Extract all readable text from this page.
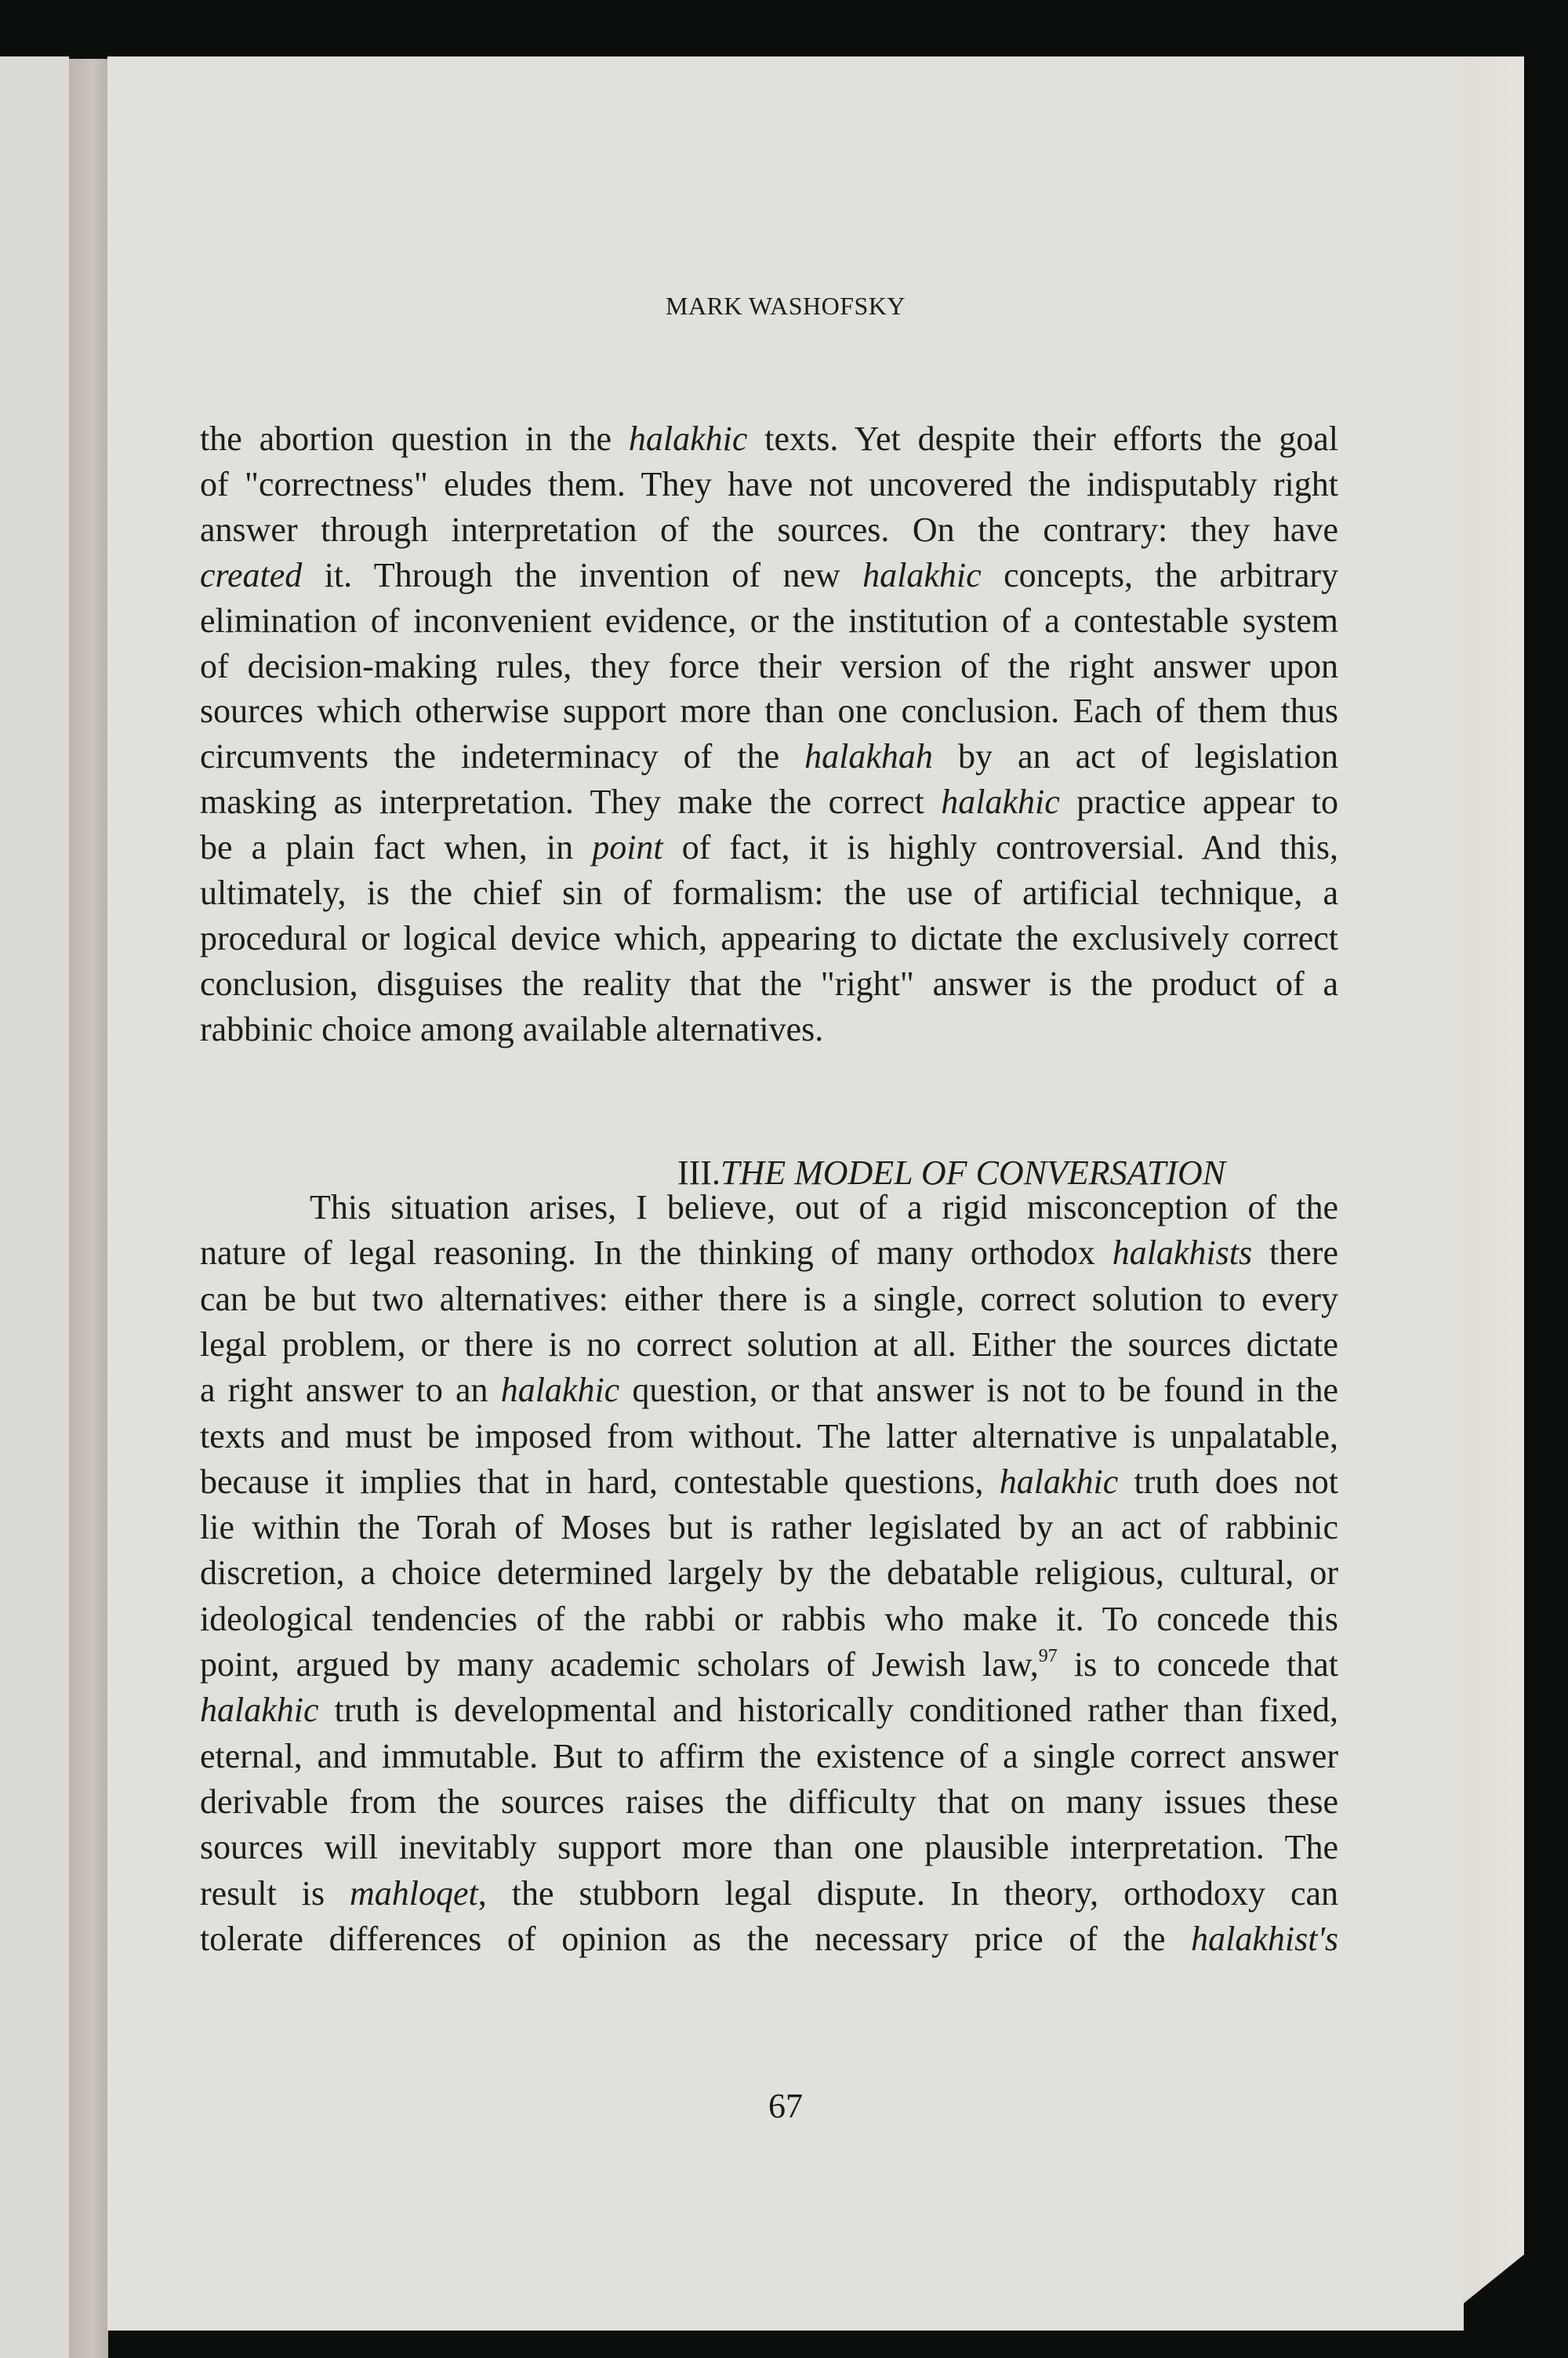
MARK WASHOFSKY
the abortion question in the halakhic texts. Yet despite their efforts the goal
of "correctness" eludes them. They have not uncovered the indisputably right
answer through interpretation of the sources. On the contrary: they have
created it. Through the invention of new halakhic concepts, the arbitrary
elimination of inconvenient evidence, or the institution of a contestable system
of decision-making rules, they force their version of the right answer upon
sources which otherwise support more than one conclusion. Each of them thus
circumvents the indeterminacy of the halakhah by an act of legislation
masking as interpretation. They make the correct halakhic practice appear to
be a plain fact when, in point of fact, it is highly controversial. And this,
ultimately, is the chief sin of formalism: the use of artificial technique, a
procedural or logical device which, appearing to dictate the exclusively correct
conclusion, disguises the reality that the "right" answer is the product of a
rabbinic choice among available alternatives.
III.THE MODEL OF CONVERSATION
This situation arises, I believe, out of a rigid misconception of the
nature of legal reasoning. In the thinking of many orthodox halakhists there
can be but two alternatives: either there is a single, correct solution to every
legal problem, or there is no correct solution at all. Either the sources dictate
a right answer to an halakhic question, or that answer is not to be found in the
texts and must be imposed from without. The latter alternative is unpalatable,
because it implies that in hard, contestable questions, halakhic truth does not
lie within the Torah of Moses but is rather legislated by an act of rabbinic
discretion, a choice determined largely by the debatable religious, cultural, or
ideological tendencies of the rabbi or rabbis who make it. To concede this
point, argued by many academic scholars of Jewish law,$^{97}$ is to concede that
halakhic truth is developmental and historically conditioned rather than fixed,
eternal, and immutable. But to affirm the existence of a single correct answer
derivable from the sources raises the difficulty that on many issues these
sources will inevitably support more than one plausible interpretation. The
result is mahloqet, the stubborn legal dispute. In theory, orthodoxy can
tolerate differences of opinion as the necessary price of the halakhist's
67
